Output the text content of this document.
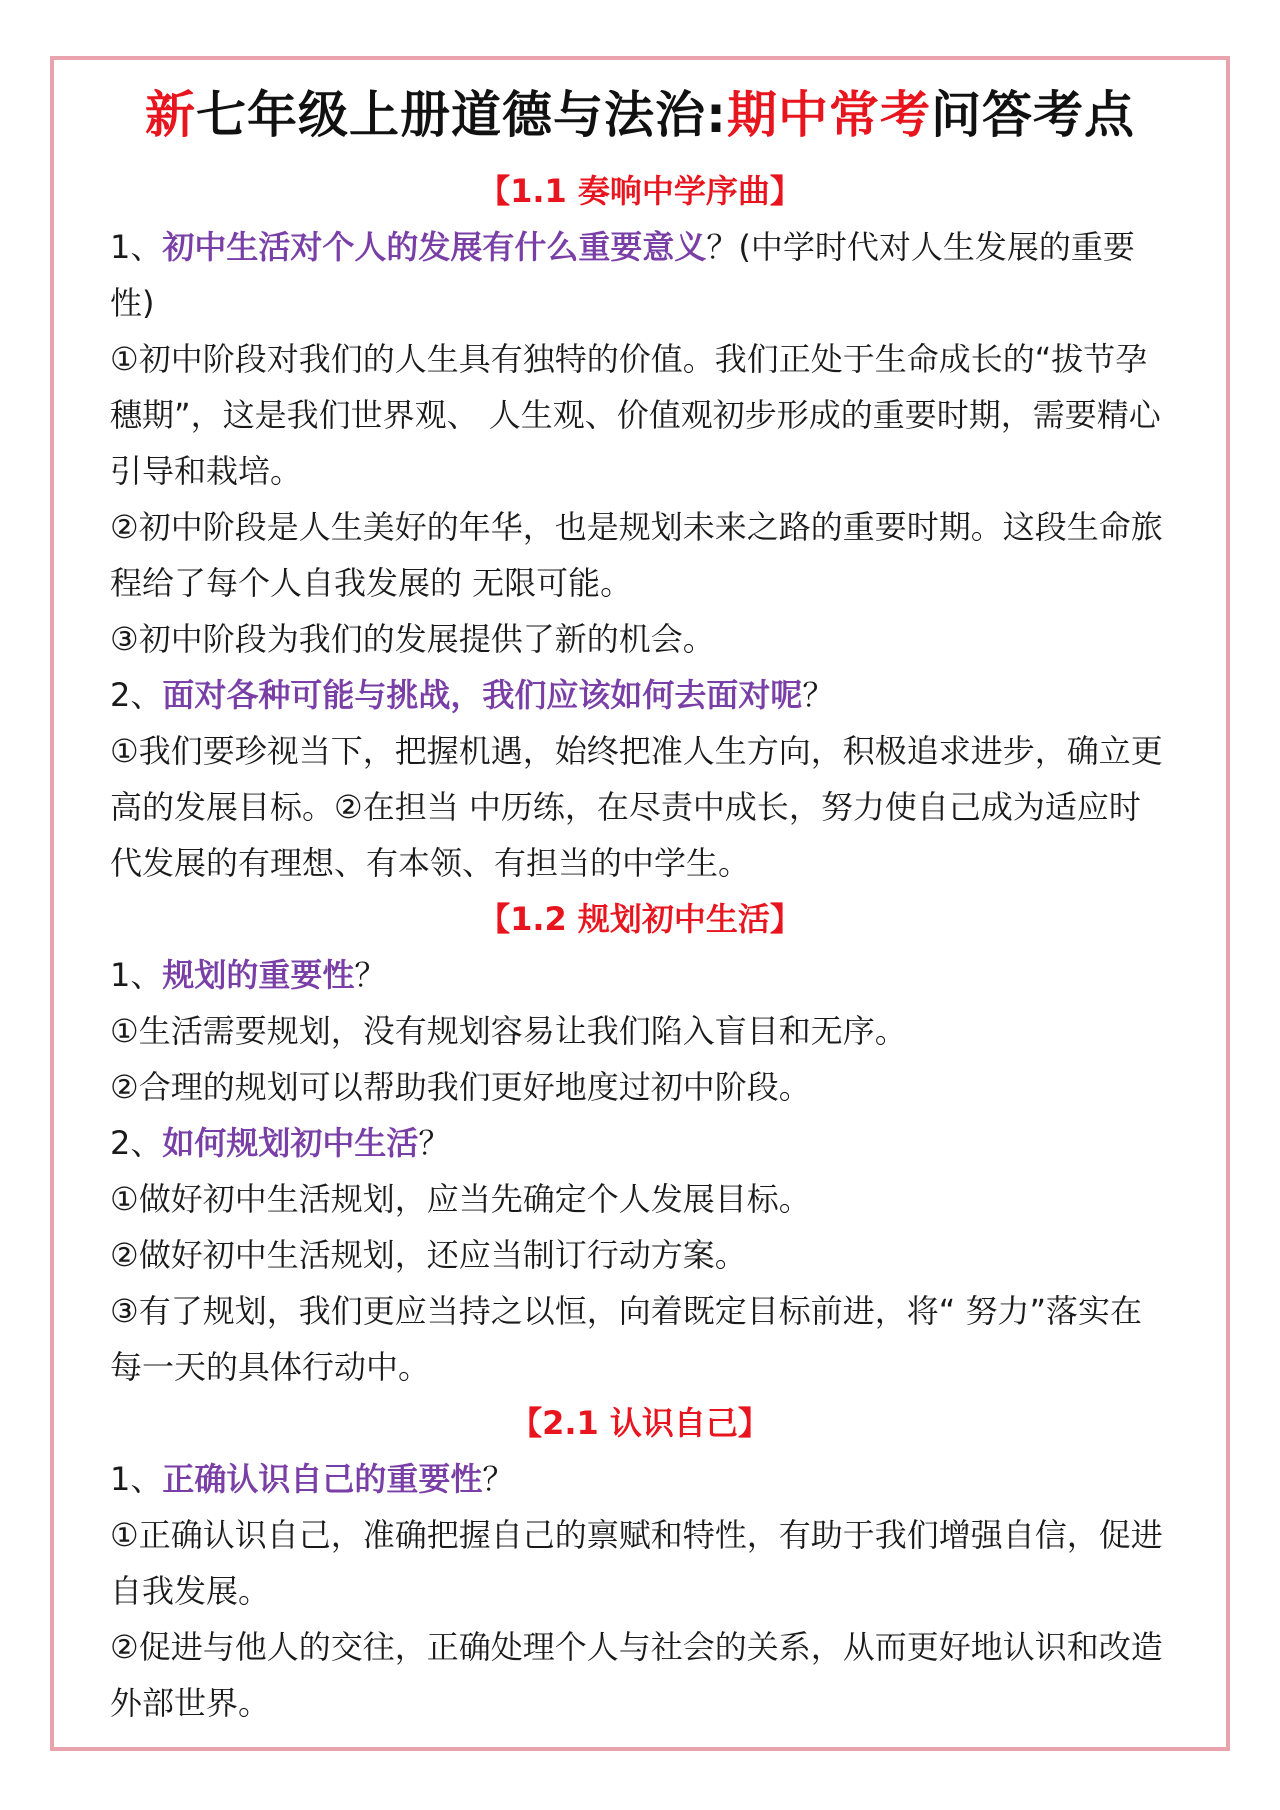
新七年级上册道德与法治:期中常考问答考点
【1.1 奏响中学序曲】

1、初中生活对个人的发展有什么重要意义？(中学时代对人生发展的重要性)

①初中阶段对我们的人生具有独特的价值。我们正处于生命成长的“拔节孕穗期”，这是我们世界观、 人生观、价值观初步形成的重要时期，需要精心引导和栽培。

②初中阶段是人生美好的年华，也是规划未来之路的重要时期。这段生命旅程给了每个人自我发展的 无限可能。

③初中阶段为我们的发展提供了新的机会。

2、面对各种可能与挑战，我们应该如何去面对呢？

①我们要珍视当下，把握机遇，始终把准人生方向，积极追求进步，确立更高的发展目标。②在担当 中历练，在尽责中成长，努力使自己成为适应时代发展的有理想、有本领、有担当的中学生。

【1.2 规划初中生活】

1、规划的重要性？

①生活需要规划，没有规划容易让我们陷入盲目和无序。

②合理的规划可以帮助我们更好地度过初中阶段。

2、如何规划初中生活？

①做好初中生活规划，应当先确定个人发展目标。

②做好初中生活规划，还应当制订行动方案。

③有了规划，我们更应当持之以恒，向着既定目标前进，将“ 努力”落实在每一天的具体行动中。

【2.1 认识自己】

1、正确认识自己的重要性？

①正确认识自己，准确把握自己的禀赋和特性，有助于我们增强自信，促进自我发展。

②促进与他人的交往，正确处理个人与社会的关系，从而更好地认识和改造外部世界。
